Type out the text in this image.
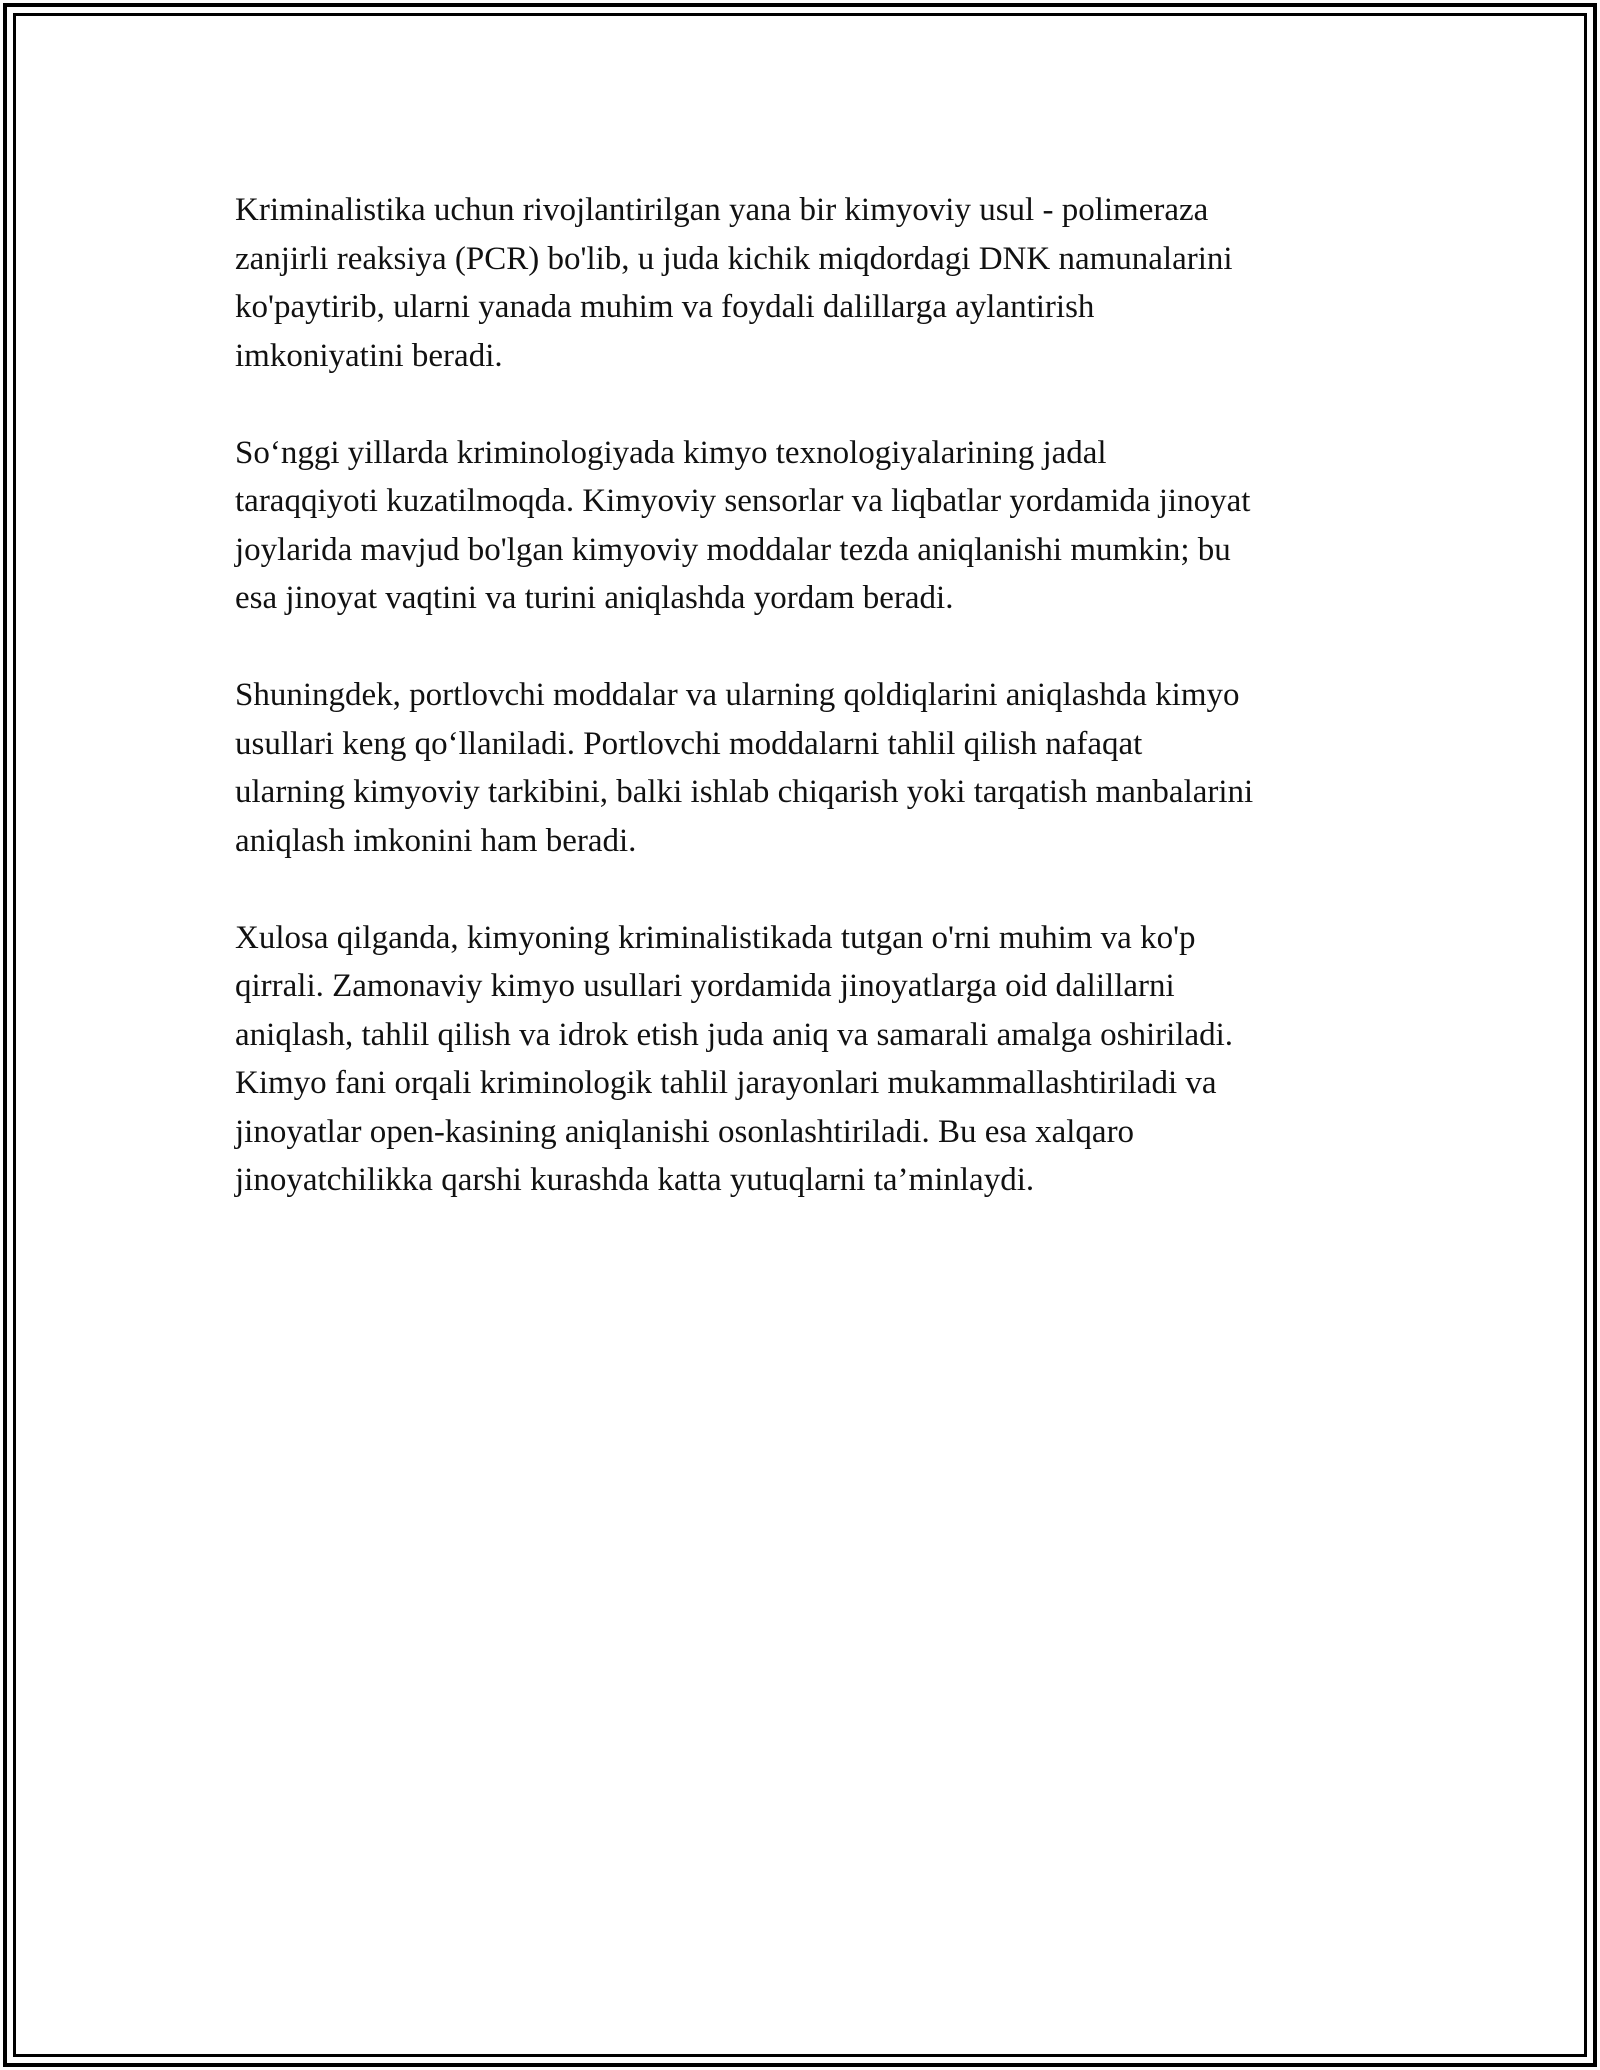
Kriminalistika uchun rivojlantirilgan yana bir kimyoviy usul - polimeraza
zanjirli reaksiya (PCR) bo'lib, u juda kichik miqdordagi DNK namunalarini
ko'paytirib, ularni yanada muhim va foydali dalillarga aylantirish
imkoniyatini beradi.

So‘nggi yillarda kriminologiyada kimyo texnologiyalarining jadal
taraqqiyoti kuzatilmoqda. Kimyoviy sensorlar va liqbatlar yordamida jinoyat
joylarida mavjud bo'lgan kimyoviy moddalar tezda aniqlanishi mumkin; bu
esa jinoyat vaqtini va turini aniqlashda yordam beradi.

Shuningdek, portlovchi moddalar va ularning qoldiqlarini aniqlashda kimyo
usullari keng qo‘llaniladi. Portlovchi moddalarni tahlil qilish nafaqat
ularning kimyoviy tarkibini, balki ishlab chiqarish yoki tarqatish manbalarini
aniqlash imkonini ham beradi.

Xulosa qilganda, kimyoning kriminalistikada tutgan o'rni muhim va ko'p
qirrali. Zamonaviy kimyo usullari yordamida jinoyatlarga oid dalillarni
aniqlash, tahlil qilish va idrok etish juda aniq va samarali amalga oshiriladi.
Kimyo fani orqali kriminologik tahlil jarayonlari mukammallashtiriladi va
jinoyatlar open-kasining aniqlanishi osonlashtiriladi. Bu esa xalqaro
jinoyatchilikka qarshi kurashda katta yutuqlarni ta’minlaydi.
